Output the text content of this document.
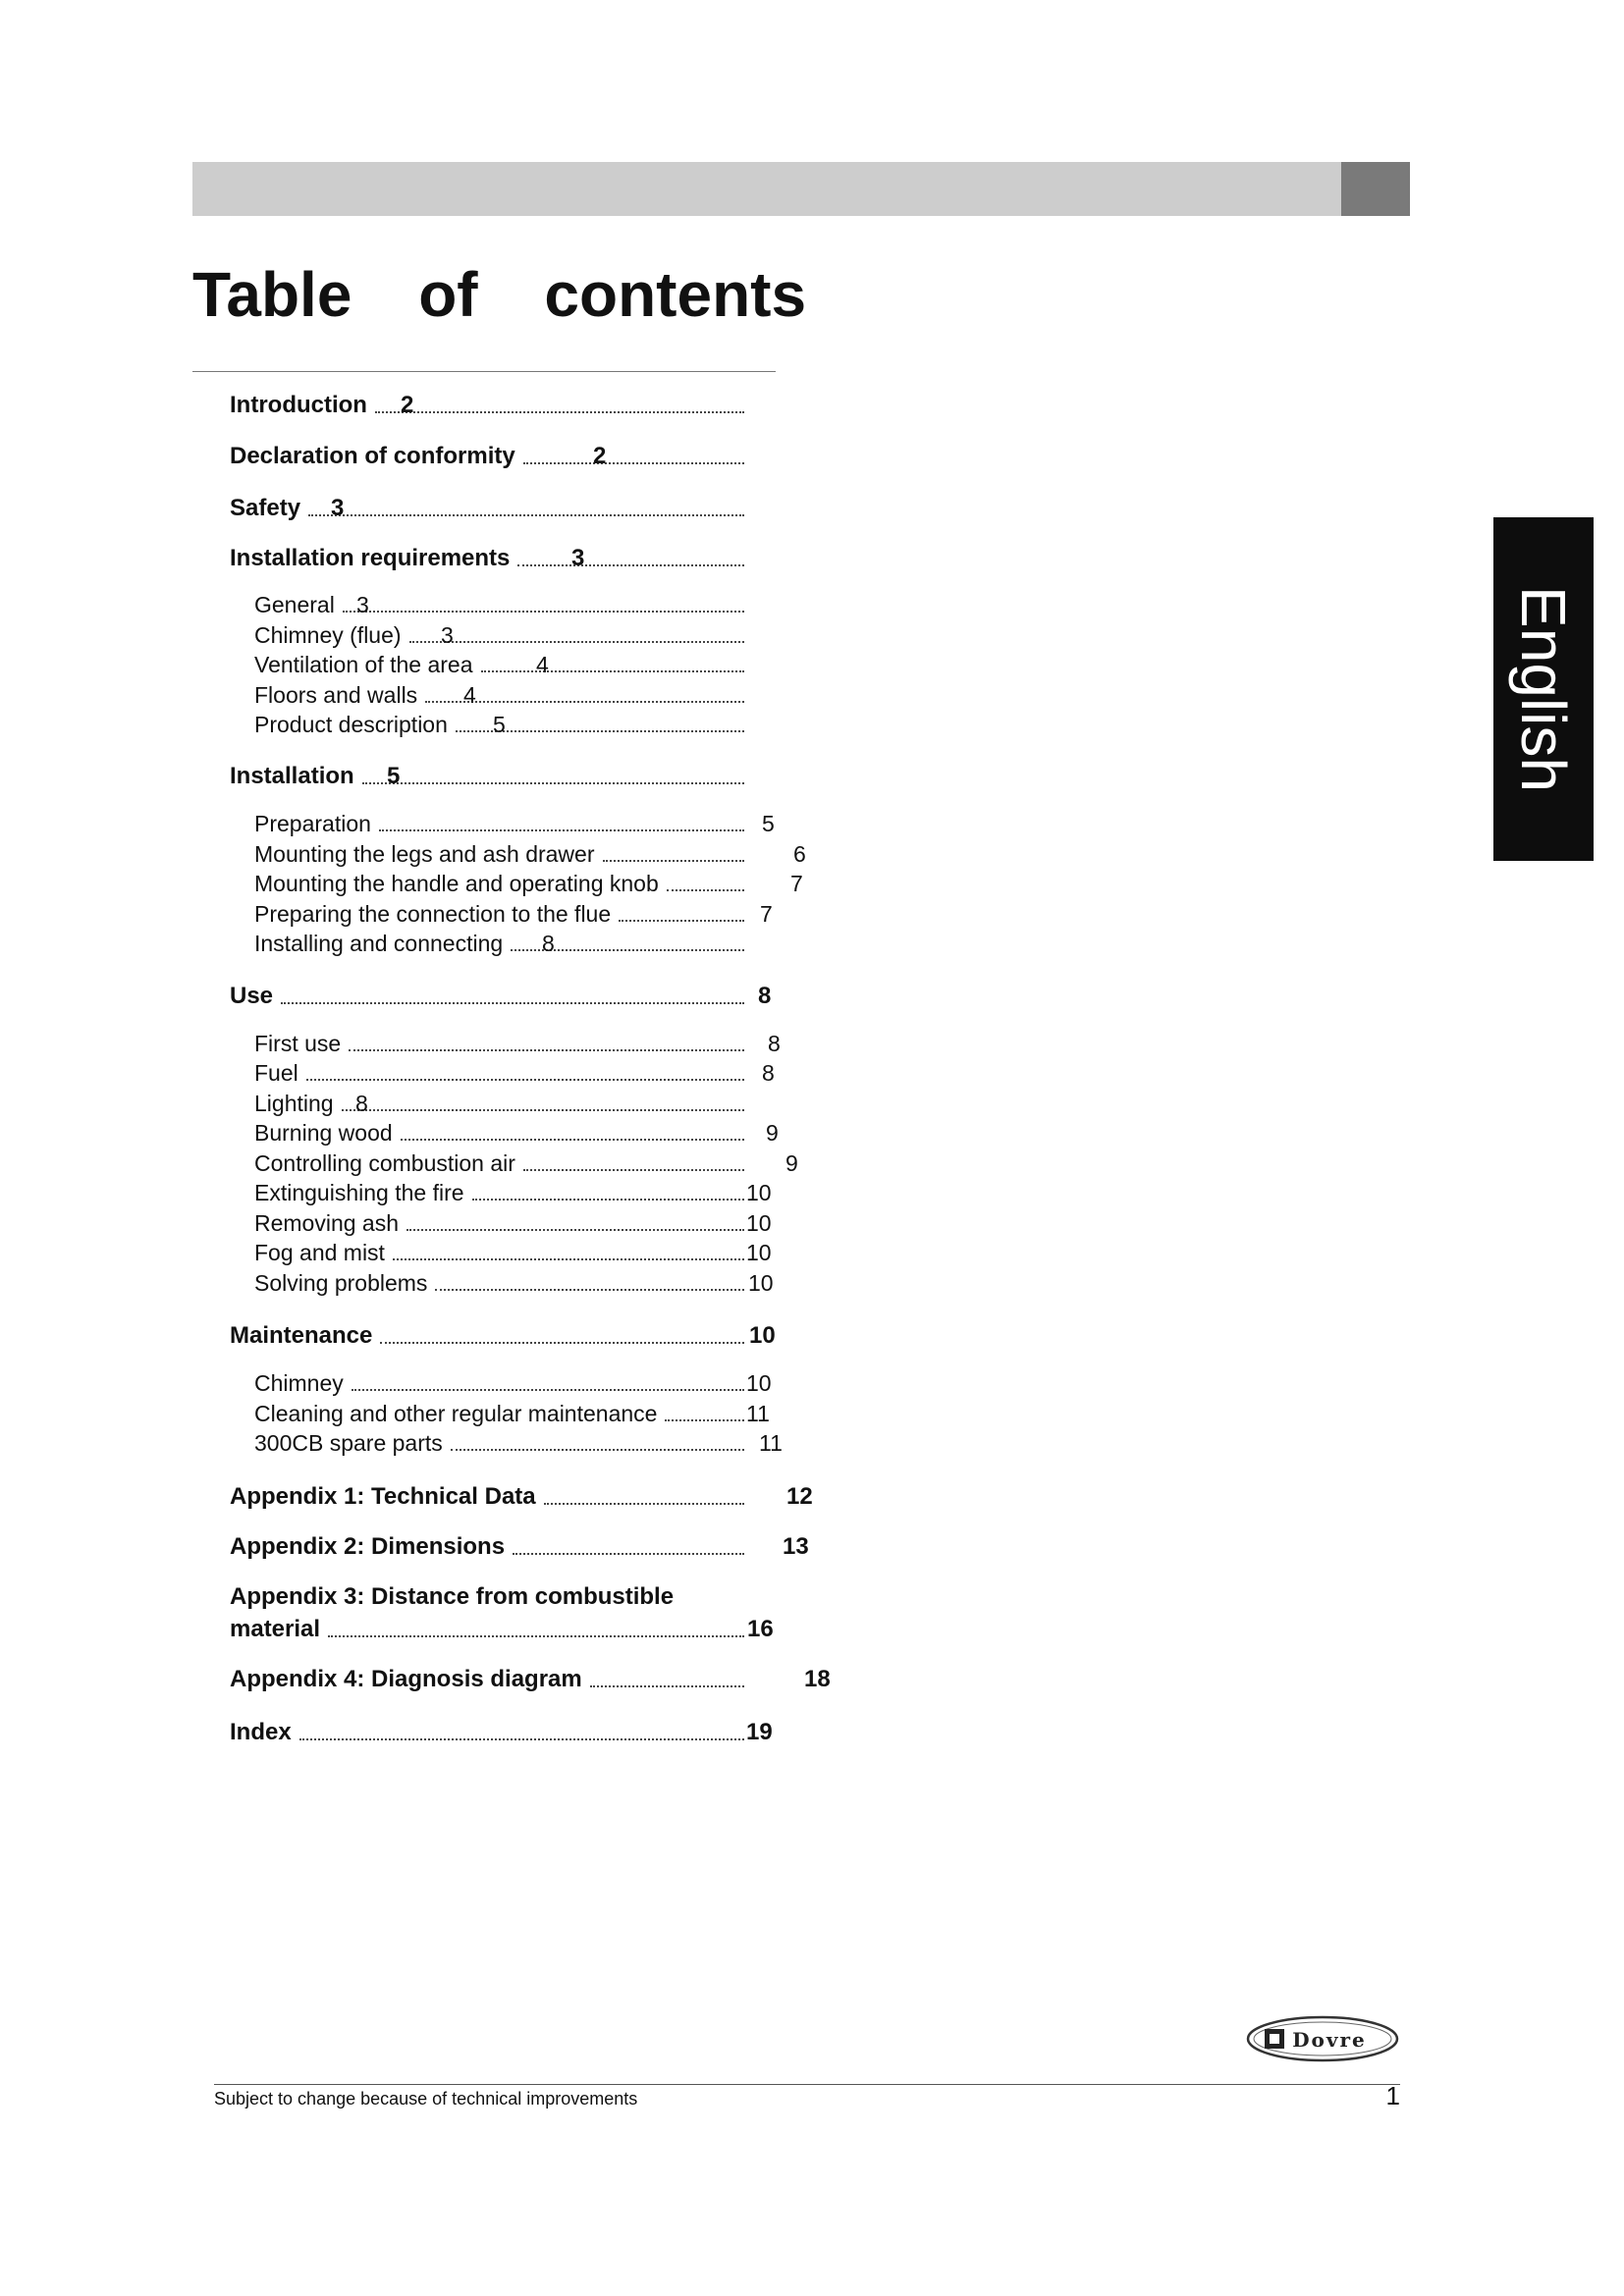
Table of contents
English
Introduction 2
Declaration of conformity	2
Safety 3
Installation requirements	3
General 3
Chimney (flue) 3
Ventilation of the area	4
Floors and walls 4
Product description 5
Installation 5
Preparation	5
Mounting the legs and ash drawer	6
Mounting the handle and operating knob	7
Preparing the connection to the flue	7
Installing and connecting 8
Use	8
First use	8
Fuel	8
Lighting 8
Burning wood	9
Controlling combustion air	9
Extinguishing the fire	10
Removing ash	10
Fog and mist	10
Solving problems	10
Maintenance	10
Chimney	10
Cleaning and other regular maintenance	11
300CB spare parts	11
Appendix 1: Technical Data	12
Appendix 2: Dimensions	13
Appendix 3: Distance from combustible
material	16
Appendix 4: Diagnosis diagram	18
Index	19
Dovre
Subject to change because of technical improvements	1
